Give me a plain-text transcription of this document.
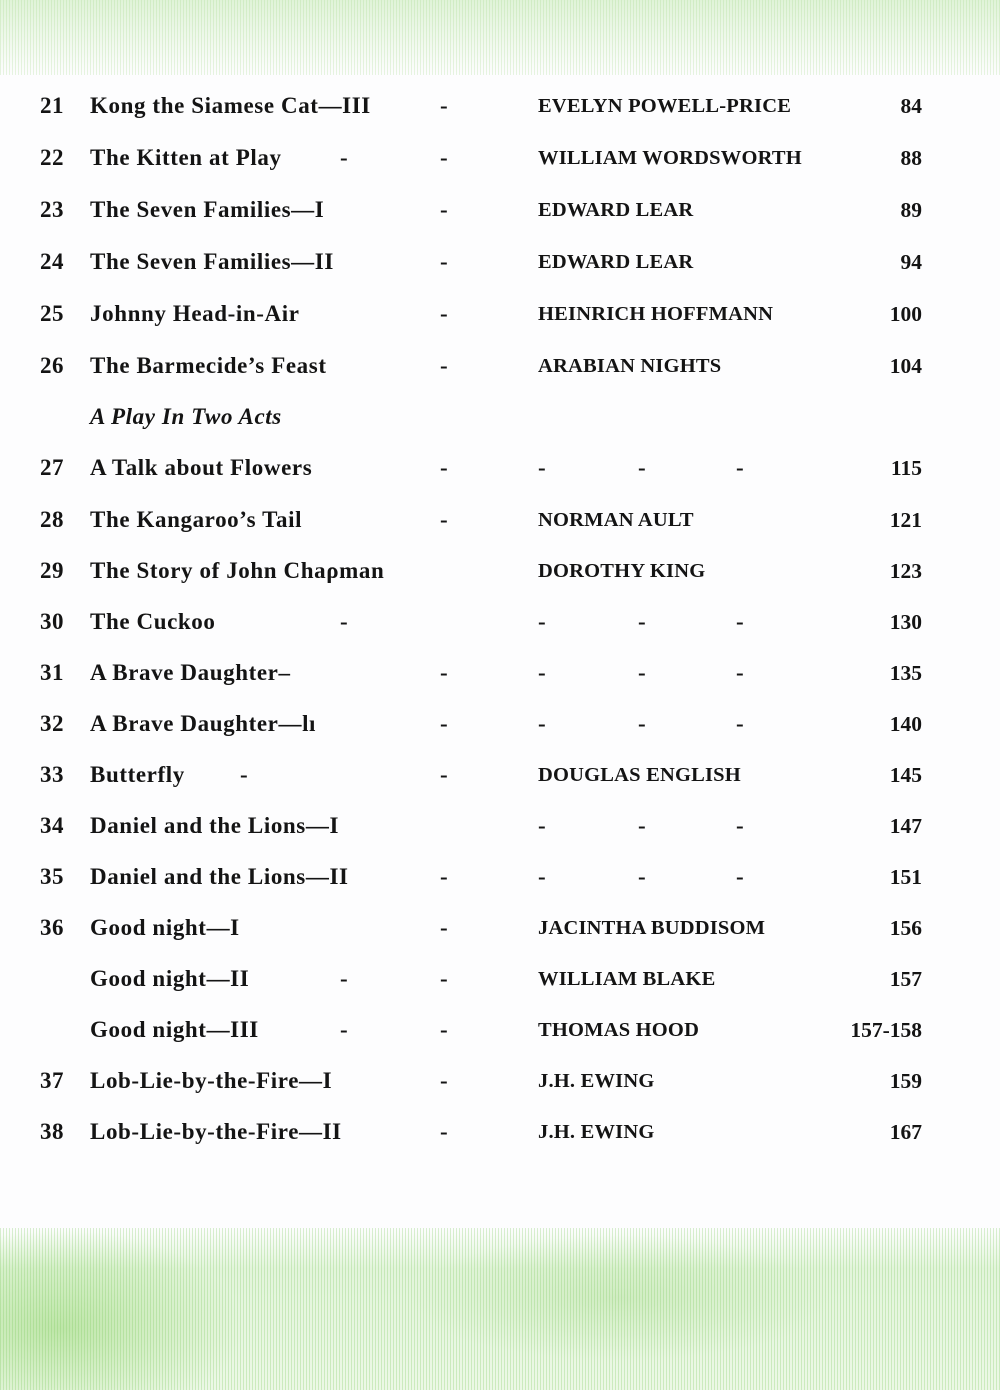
21	Kong the Siamese Cat—III	-	EVELYN POWELL-PRICE	84
22	The Kitten at Play	-	-	WILLIAM WORDSWORTH	88
23	The Seven Families—I	-	EDWARD LEAR	89
24	The Seven Families—II	-	EDWARD LEAR	94
25	Johnny Head-in-Air	-	HEINRICH HOFFMANN	100
26	The Barmecide’s Feast	-	ARABIAN NIGHTS	104
A Play In Two Acts
27	A Talk about Flowers	-	-	-	-	115
28	The Kangaroo’s Tail	-	NORMAN AULT	121
29	The Story of John Chaρman	DOROTHY KING	123
30	The Cuckoo	-	-	-	-	130
31	A Brave Daughter–	-	-	-	-	135
32	A Brave Daughter—lı	-	-	-	-	140
33	Butterfly -	-	DOUGLAS ENGLISH	145
34	Daniel and the Lions—I	-	-	-	147
35	Daniel and the Lions—II	-	-	-	-	151
36	Good night—I	-	JACINTHA BUDDISOM	156
Good night—II	-	-	WILLIAM BLAKE	157
Good night—III	-	-	THOMAS HOOD	157-158
37	Lob-Lie-by-the-Fire—I	-	J.H. EWING	159
38	Lob-Lie-by-the-Fire—II	-	J.H. EWING	167
